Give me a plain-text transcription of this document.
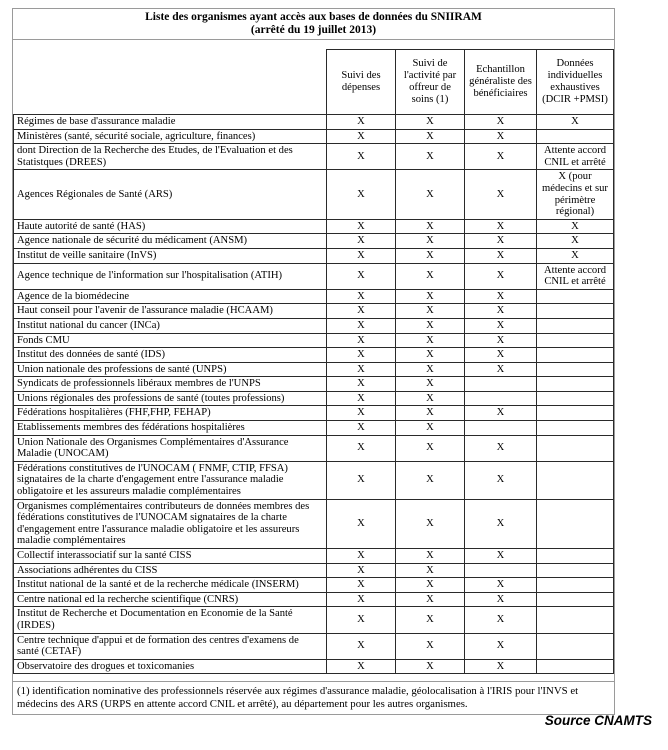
Liste des organismes ayant accès aux bases de données du SNIIRAM
(arrêté du 19 juillet 2013)
	Suivi des dépenses	Suivi de l'activité par offreur de soins (1)	Echantillon généraliste des bénéficiaires	Données individuelles exhaustives (DCIR +PMSI)
Régimes de base d'assurance maladie	X	X	X	X
Ministères (santé, sécurité sociale, agriculture, finances)	X	X	X	
dont Direction de la Recherche des Etudes, de l'Evaluation et des Statistques (DREES)	X	X	X	Attente accord CNIL et arrêté
Agences Régionales de Santé (ARS)	X	X	X	X (pour médecins et sur périmètre régional)
Haute autorité de santé (HAS)	X	X	X	X
Agence nationale de sécurité du médicament (ANSM)	X	X	X	X
Institut de veille sanitaire (InVS)	X	X	X	X
Agence technique de l'information sur l'hospitalisation (ATIH)	X	X	X	Attente accord CNIL et arrêté
Agence de la biomédecine	X	X	X	
Haut conseil pour l'avenir de l'assurance maladie (HCAAM)	X	X	X	
Institut national du cancer (INCa)	X	X	X	
Fonds CMU	X	X	X	
Institut des données de santé (IDS)	X	X	X	
Union nationale des professions de santé (UNPS)	X	X	X	
Syndicats de professionnels libéraux membres de l'UNPS	X	X		
Unions régionales des professions de santé (toutes professions)	X	X		
Fédérations hospitalières (FHF,FHP, FEHAP)	X	X	X	
Etablissements membres des fédérations hospitalières	X	X		
Union Nationale des Organismes Complémentaires d'Assurance Maladie (UNOCAM)	X	X	X	
Fédérations constitutives de l'UNOCAM ( FNMF, CTIP, FFSA) signataires de la charte d'engagement entre l'assurance maladie obligatoire et les assureurs maladie complémentaires	X	X	X	
Organismes complémentaires contributeurs de données membres des fédérations constitutives de l'UNOCAM signataires de la charte d'engagement entre l'assurance maladie obligatoire et les assureurs maladie complémentaires	X	X	X	
Collectif interassociatif sur la santé CISS	X	X	X	
Associations adhérentes du CISS	X	X		
Institut national de la santé et de la recherche médicale (INSERM)	X	X	X	
Centre national ed la recherche scientifique (CNRS)	X	X	X	
Institut de Recherche et Documentation en Economie de la Santé (IRDES)	X	X	X	
Centre technique d'appui et de formation des centres d'examens de santé (CETAF)	X	X	X	
Observatoire des drogues et toxicomanies	X	X	X	
(1) identification nominative des professionnels réservée aux régimes d'assurance maladie, géolocalisation à l'IRIS pour l'INVS et médecins des ARS (URPS en attente accord CNIL et arrêté), au département pour les autres organismes.
Source CNAMTS
